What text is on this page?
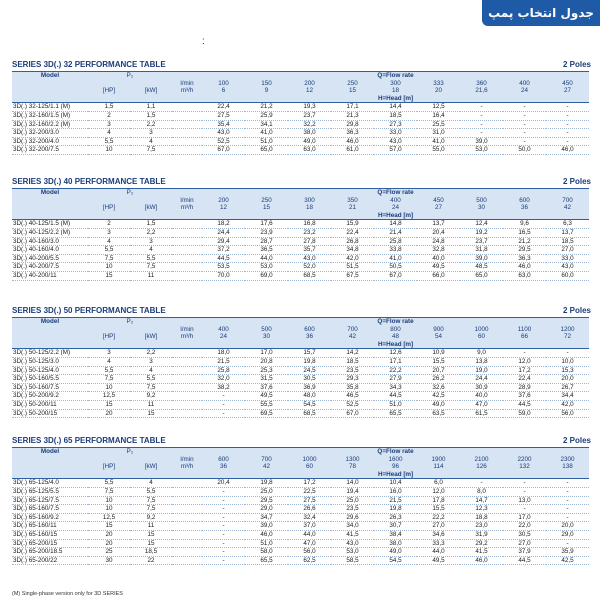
جدول انتخاب پمپ
:
SERIES 3D(.) 32 PERFORMANCE TABLE	2 Poles
Model	P₂			Q=Flow rate								
			l/min	100	150	200	250	300	333	360	400	450
	[HP]	[kW]	m³/h	6	9	12	15	18	20	21,6	24	27
				H=Head [m]								
3D(.) 32-125/1.1 (M)	1,5	1,1		22,4	21,2	19,3	17,1	14,4	12,5	-	-	-
3D(.) 32-160/1.5 (M)	2	1,5		27,5	25,9	23,7	21,3	18,5	16,4	-	-	-
3D(.) 32-160/2.2 (M)	3	2,2		35,4	34,1	32,2	29,8	27,3	25,5	-	-	-
3D(.) 32-200/3.0	4	3		43,0	41,0	38,0	36,3	33,0	31,0	-	-	-
3D(.) 32-200/4.0	5,5	4		52,5	51,0	49,0	46,0	43,0	41,0	39,0	-	-
3D(.) 32-200/7.5	10	7,5		67,0	65,0	63,0	61,0	57,0	55,0	53,0	50,0	46,0
SERIES 3D(.) 40 PERFORMANCE TABLE	2 Poles
Model	P₂			Q=Flow rate								
			l/min	200	250	300	350	400	450	500	600	700
	[HP]	[kW]	m³/h	12	15	18	21	24	27	30	36	42
				H=Head [m]								
3D(.) 40-125/1.5 (M)	2	1,5		18,2	17,6	16,8	15,9	14,8	13,7	12,4	9,6	6,3
3D(.) 40-125/2.2 (M)	3	2,2		24,4	23,9	23,2	22,4	21,4	20,4	19,2	16,5	13,7
3D(.) 40-160/3.0	4	3		29,4	28,7	27,8	26,8	25,8	24,8	23,7	21,2	18,5
3D(.) 40-160/4.0	5,5	4		37,2	36,5	35,7	34,8	33,8	32,8	31,8	29,5	27,0
3D(.) 40-200/5.5	7,5	5,5		44,5	44,0	43,0	42,0	41,0	40,0	39,0	36,3	33,0
3D(.) 40-200/7.5	10	7,5		53,5	53,0	52,0	51,5	50,5	49,5	48,5	46,0	43,0
3D(.) 40-200/11	15	11		70,0	69,0	68,5	67,5	67,0	66,0	65,0	63,0	60,0
SERIES 3D(.) 50 PERFORMANCE TABLE	2 Poles
Model	P₂			Q=Flow rate								
			l/min	400	500	600	700	800	900	1000	1100	1200
	[HP]	[kW]	m³/h	24	30	36	42	48	54	60	66	72
				H=Head [m]								
3D(.) 50-125/2.2 (M)	3	2,2		18,0	17,0	15,7	14,2	12,6	10,9	9,0	-	-
3D(.) 50-125/3.0	4	3		21,5	20,8	19,8	18,5	17,1	15,5	13,8	12,0	10,0
3D(.) 50-125/4.0	5,5	4		25,8	25,3	24,5	23,5	22,2	20,7	19,0	17,2	15,3
3D(.) 50-160/5.5	7,5	5,5		32,0	31,5	30,5	29,3	27,9	26,2	24,4	22,4	20,0
3D(.) 50-160/7.5	10	7,5		38,2	37,6	36,9	35,8	34,3	32,6	30,9	28,9	26,7
3D(.) 50-200/9.2	12,5	9,2		-	49,5	48,0	46,5	44,5	42,5	40,0	37,6	34,4
3D(.) 50-200/11	15	11		-	55,5	54,5	52,5	51,0	49,0	47,0	44,5	42,0
3D(.) 50-200/15	20	15		-	69,5	68,5	67,0	65,5	63,5	61,5	59,0	56,0
SERIES 3D(.) 65 PERFORMANCE TABLE	2 Poles
Model	P₂			Q=Flow rate								
			l/min	600	700	1000	1300	1600	1900	2100	2200	2300
	[HP]	[kW]	m³/h	36	42	60	78	96	114	126	132	138
				H=Head [m]								
3D(.) 65-125/4.0	5,5	4		20,4	19,8	17,2	14,0	10,4	6,0	-	-	-
3D(.) 65-125/5.5	7,5	5,5		-	25,0	22,5	19,4	16,0	12,0	8,0	-	-
3D(.) 65-125/7.5	10	7,5		-	29,5	27,5	25,0	21,5	17,8	14,7	13,0	-
3D(.) 65-160/7.5	10	7,5		-	29,0	26,6	23,5	19,8	15,5	12,3	-	-
3D(.) 65-160/9.2	12,5	9,2		-	34,7	32,4	29,6	26,3	22,2	18,8	17,0	-
3D(.) 65-160/11	15	11		-	39,0	37,0	34,0	30,7	27,0	23,0	22,0	20,0
3D(.) 65-160/15	20	15		-	46,0	44,0	41,5	38,4	34,6	31,9	30,5	29,0
3D(.) 65-200/15	20	15		-	51,0	47,0	43,0	38,0	33,3	29,2	27,0	-
3D(.) 65-200/18.5	25	18,5		-	58,0	56,0	53,0	49,0	44,0	41,5	37,9	35,9
3D(.) 65-200/22	30	22		-	65,5	62,5	58,5	54,5	49,5	46,0	44,5	42,5
(M) Single-phase version only for 3D SERIES
